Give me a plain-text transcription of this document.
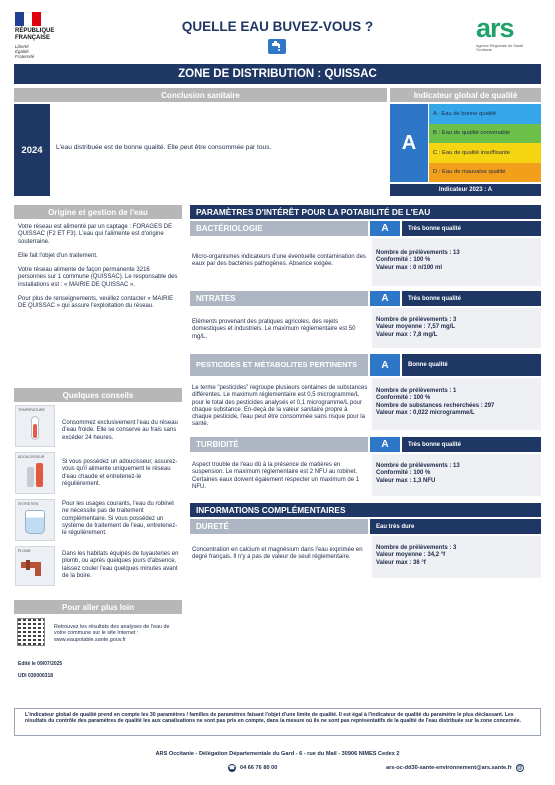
RÉPUBLIQUE
FRANÇAISE
Liberté
Égalité
Fraternité
QUELLE EAU BUVEZ-VOUS ?	ars
Agence Régionale de Santé
Occitanie
ZONE DE DISTRIBUTION : QUISSAC
Conclusion sanitaire
2024	L'eau distribuée est de bonne qualité. Elle peut être consommée par tous.
Indicateur global de qualité
A
A :
Eau de bonne qualité
B :
Eau de qualité convenable
C :
Eau de qualité insuffisante
D :
Eau de mauvaise qualité
Indicateur 2023 : A
Origine et gestion de l'eau

Votre réseau est alimenté par un captage : FORAGES DE QUISSAC (F2 ET F3). L'eau qui l'alimente est d'origine souterraine.

Elle fait l'objet d'un traitement.

Votre réseau alimente de façon permanente 3216 personnes sur 1 commune (QUISSAC). Le responsable des installations est : « MAIRIE DE QUISSAC ».

Pour plus de renseignements, veuillez contacter « MAIRIE DE QUISSAC » qui assure l'exploitation du réseau.

Quelques conseils
TEMPÉRATURE
Consommez exclusivement l'eau du réseau d'eau froide. Elle se conserve au frais sans excéder 24 heures.
ADOUCISSEUR
Si vous possédez un adoucisseur, assurez-vous qu'il alimente uniquement le réseau d'eau chaude et entretenez-le régulièrement.
ENTRETIEN	Pour les usages courants, l'eau du robinet ne nécessite pas de traitement complémentaire. Si vous possédez un système de traitement de l'eau, entretenez-le régulièrement.
PLOMB	Dans les habitats équipés de tuyauteries en plomb, ou après quelques jours d'absence, laissez couler l'eau quelques minutes avant de la boire.
Pour aller plus loin
Retrouvez les résultats des analyses de l'eau de votre commune sur le site Internet : www.eaupotable.sante.gouv.fr
Edité le 09/07/2025
UDI 030000318
PARAMÈTRES D'INTÉRÊT POUR LA POTABILITÉ DE L'EAU
BACTÉRIOLOGIE	A	Très bonne qualité
Micro-organismes indicateurs d'une éventuelle contamination des eaux par des bactéries pathogènes. Absence exigée.
Nombre de prélèvements : 13
Conformité : 100 %
Valeur max : 0 n/100 ml
NITRATES	A	Très bonne qualité
Eléments provenant des pratiques agricoles, des rejets domestiques et industriels. Le maximum réglementaire est 50 mg/L.
Nombre de prélèvements : 3
Valeur moyenne : 7,57 mg/L
Valeur max : 7,8 mg/L
PESTICIDES ET MÉTABOLITES PERTINENTS	A	Bonne qualité
Le terme "pesticides" regroupe plusieurs centaines de substances différentes. Le maximum réglementaire est 0,5 microgramme/L pour le total des pesticides analysés et 0,1 microgramme/L pour chaque substance. En-deçà de la valeur sanitaire propre à chaque pesticide, l'eau peut être consommée sans risque pour la santé.
Nombre de prélèvements : 1
Conformité : 100 %
Nombre de substances recherchées : 297
Valeur max : 0,022 microgramme/L
TURBIDITÉ	A	Très bonne qualité
Aspect trouble de l'eau dû à la présence de matières en suspension. Le maximum réglementaire est 2 NFU au robinet. Certaines eaux doivent également respecter un maximum de 1 NFU.
Nombre de prélèvements : 13
Conformité : 100 %
Valeur max : 1,3 NFU
INFORMATIONS COMPLÉMENTAIRES
DURETÉ	Eau très dure
Concentration en calcium et magnésium dans l'eau exprimée en degré français. Il n'y a pas de valeur de seuil réglementaire.
Nombre de prélèvements : 3
Valeur moyenne : 34,2 °f
Valeur max : 36 °f
L'indicateur global de qualité prend en compte les 30 paramètres / familles de paramètres faisant l'objet d'une limite de qualité. Il est égal à l'indicateur de qualité du paramètre le plus déclassant. Les résultats du contrôle des paramètres de qualité les aux canalisations ne sont pas pris en compte, dans la mesure où ils ne sont pas représentatifs de la qualité de l'eau distribuée sur la zone concernée.
ARS Occitanie - Délégation Départementale du Gard - 6 - rue du Mail - 30906 NIMES Cedex 2
☎ 04 66 76 80 00	ars-oc-dd30-sante-environnement@ars.sante.fr	@
